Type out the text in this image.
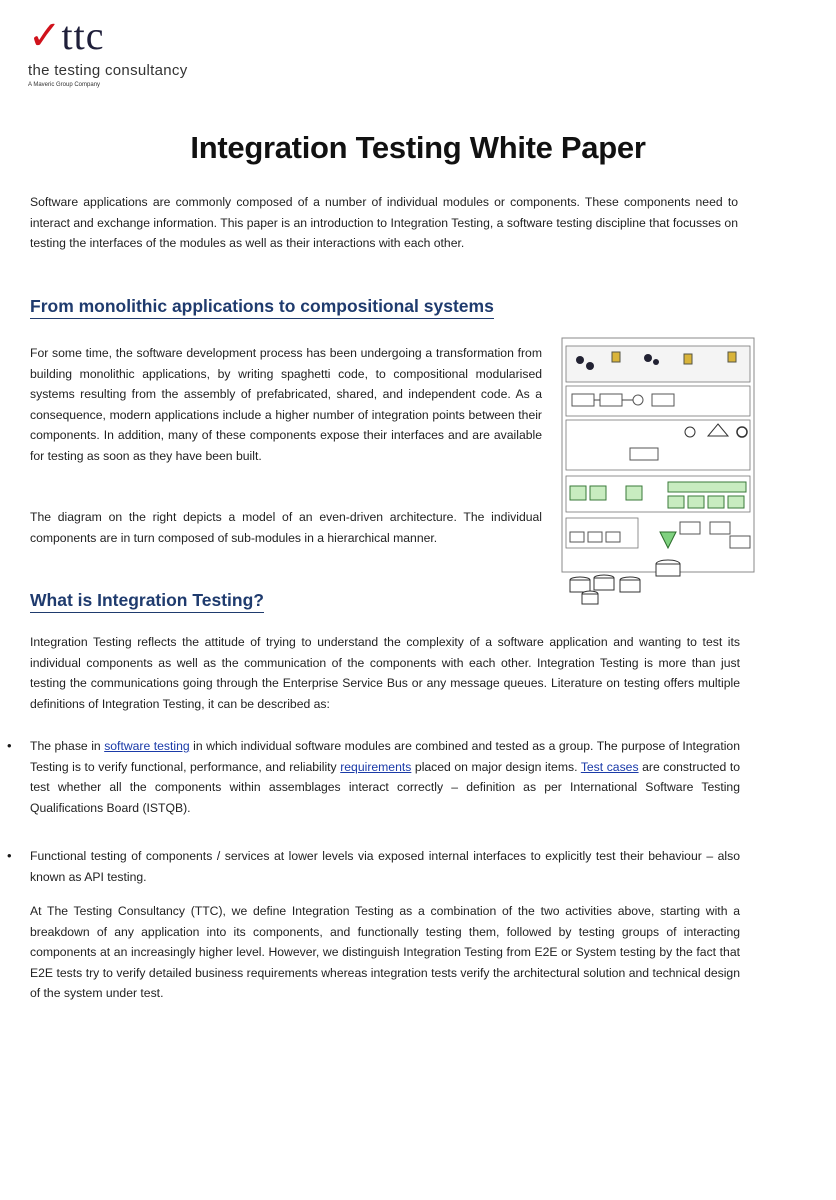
✓ ttc
the testing consultancy
A Maveric Group Company
Integration Testing White Paper
Software applications are commonly composed of a number of individual modules or components. These components need to interact and exchange information. This paper is an introduction to Integration Testing, a software testing discipline that focusses on testing the interfaces of the modules as well as their interactions with each other.
From monolithic applications to compositional systems
For some time, the software development process has been undergoing a transformation from building monolithic applications, by writing spaghetti code, to compositional modularised systems resulting from the assembly of prefabricated, shared, and independent code. As a consequence, modern applications include a higher number of integration points between their components. In addition, many of these components expose their interfaces and are available for testing as soon as they have been built.
The diagram on the right depicts a model of an even-driven architecture. The individual components are in turn composed of sub-modules in a hierarchical manner.
What is Integration Testing?
Integration Testing reflects the attitude of trying to understand the complexity of a software application and wanting to test its individual components as well as the communication of the components with each other. Integration Testing is more than just testing the communications going through the Enterprise Service Bus or any message queues. Literature on testing offers multiple definitions of Integration Testing, it can be described as:
• The phase in software testing in which individual software modules are combined and tested as a group. The purpose of Integration Testing is to verify functional, performance, and reliability requirements placed on major design items. Test cases are constructed to test whether all the components within assemblages interact correctly – definition as per International Software Testing Qualifications Board (ISTQB).
• Functional testing of components / services at lower levels via exposed internal interfaces to explicitly test their behaviour – also known as API testing.
At The Testing Consultancy (TTC), we define Integration Testing as a combination of the two activities above, starting with a breakdown of any application into its components, and functionally testing them, followed by testing groups of interacting components at an increasingly higher level. However, we distinguish Integration Testing from E2E or System testing by the fact that E2E tests try to verify detailed business requirements whereas integration tests verify the architectural solution and technical design of the system under test.
